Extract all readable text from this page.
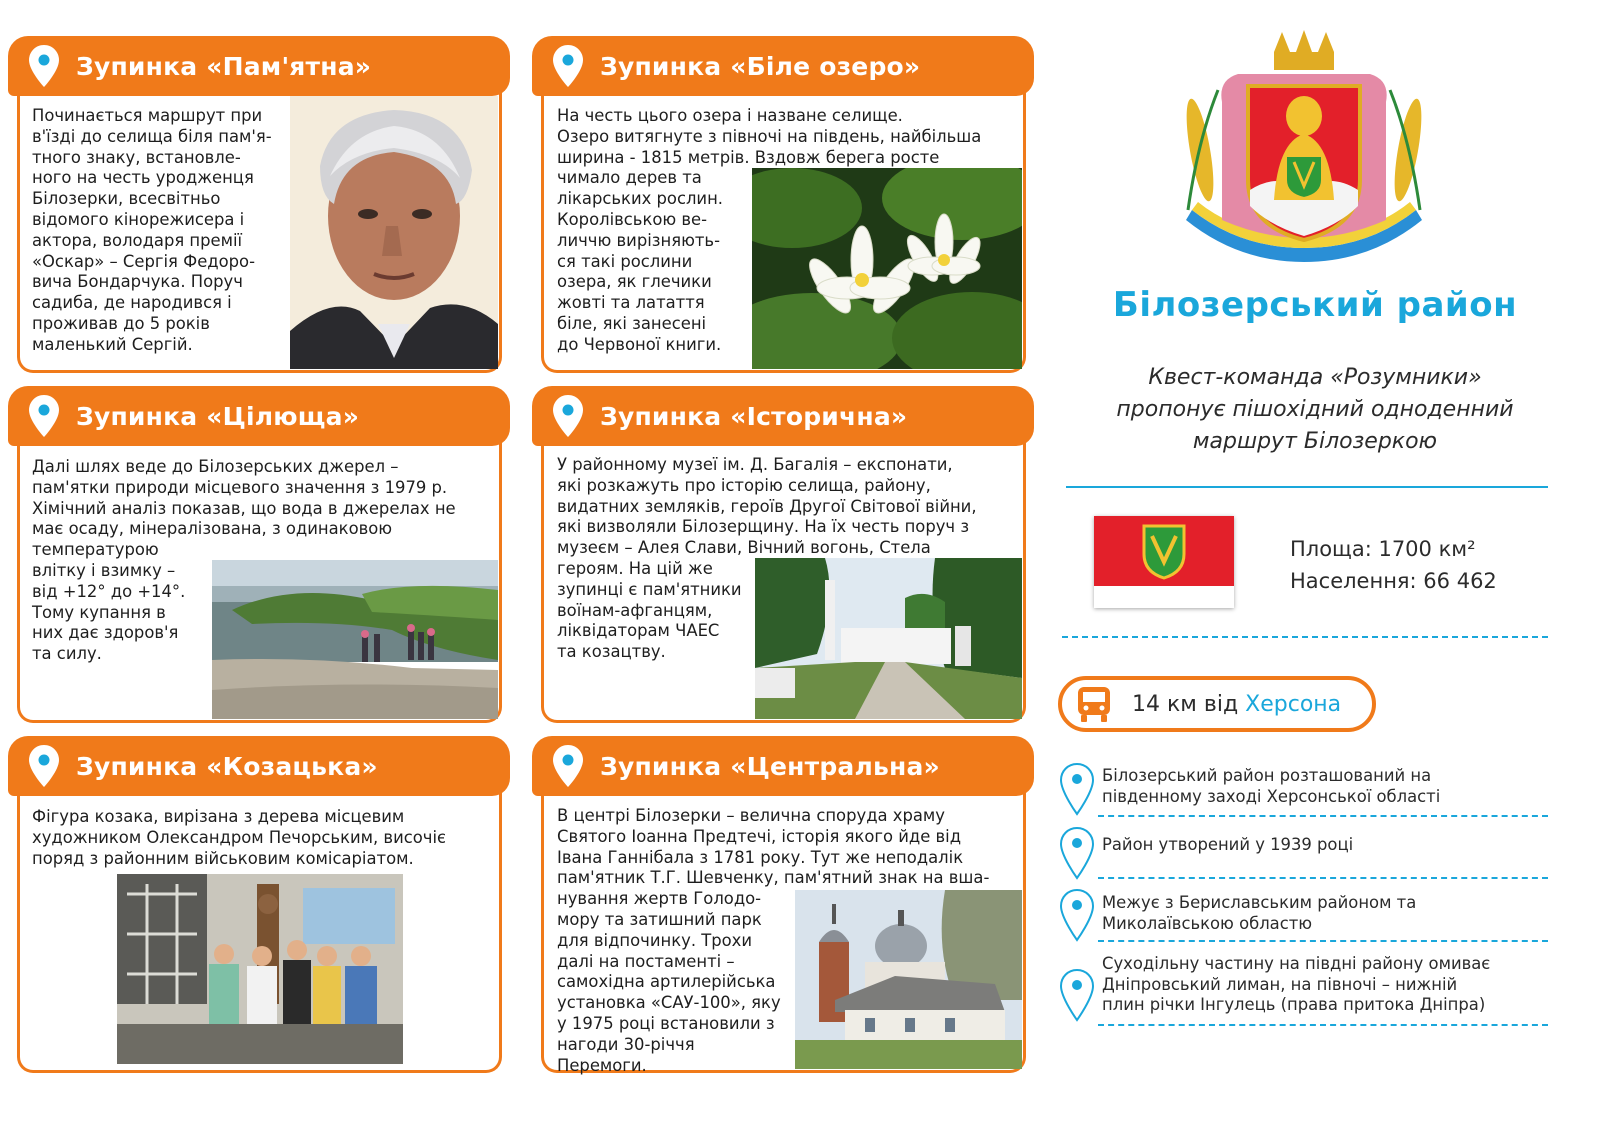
Зупинка «Пам'ятна»
Починається маршрут при
в'їзді до селища біля пам'я-
тного знаку, встановле-
ного на честь уродженця
Білозерки, всесвітньо
відомого кінорежисера і
актора, володаря премії
«Оскар» – Сергія Федоро-
вича Бондарчука. Поруч
садиба, де народився і
проживав до 5 років
маленький Сергій.
Зупинка «Біле озеро»
На честь цього озера і назване селище.
Озеро витягнуте з півночі на південь, найбільша
ширина - 1815 метрів. Вздовж берега росте
чимало дерев та
лікарських рослин.
Королівською ве-
личчю вирізняють-
ся такі рослини
озера, як глечики
жовті та латаття
біле, які занесені
до Червоної книги.
Зупинка «Цілюща»
Далі шлях веде до Білозерських джерел –
пам'ятки природи місцевого значення з 1979 р.
Хімічний аналіз показав, що вода в джерелах не
має осаду, мінералізована, з одинаковою
температурою
влітку і взимку –
від +12° до +14°.
Тому купання в
них дає здоров'я
та силу.
Зупинка «Історична»
У районному музеї ім. Д. Багалія – експонати,
які розкажуть про історію селища, району,
видатних земляків, героїв Другої Світової війни,
які визволяли Білозерщину. На їх честь поруч з
музеєм – Алея Слави, Вічний вогонь, Стела
героям. На цій же
зупинці є пам'ятники
воїнам-афганцям,
ліквідаторам ЧАЕС
та козацтву.
Зупинка «Козацька»
Фігура козака, вирізана з дерева місцевим
художником Олександром Печорським, височіє
поряд з районним військовим комісаріатом.
Зупинка «Центральна»
В центрі Білозерки – велична споруда храму
Святого Іоанна Предтечі, історія якого йде від
Івана Ганнібала з 1781 року. Тут же неподалік
пам'ятник Т.Г. Шевченку, пам'ятний знак на вша-
нування жертв Голодо-
мору та затишний парк
для відпочинку. Трохи
далі на постаменті –
самохідна артилерійська
установка «САУ-100», яку
у 1975 році встановили з
нагоди 30-річчя
Перемоги.
Білозерський район
Квест-команда «Розумники»
пропонує пішохідний одноденний
маршрут Білозеркою
Площа: 1700 км²
Населення: 66 462
14 км від Херсона
Білозерський район розташований на
південному заході Херсонської області
Район утворений у 1939 році
Межує з Бериславським районом та
Миколаївською областю
Суходільну частину на півдні району омиває
Дніпровський лиман, на півночі – нижній
плин річки Інгулець (права притока Дніпра)
